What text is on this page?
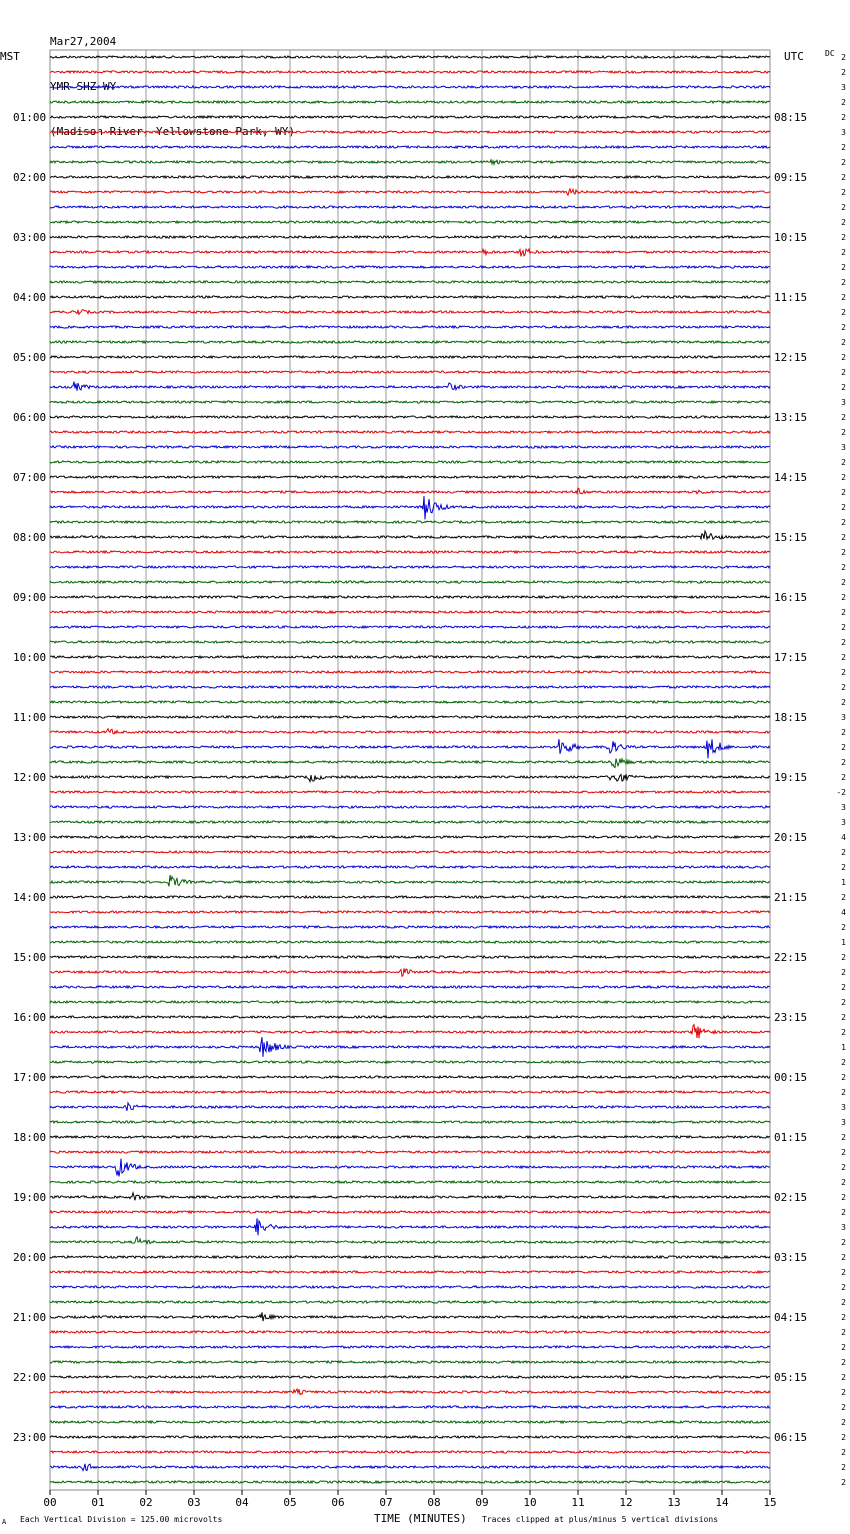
Mar27,2004

YMR SHZ WY

(Madison River, Yellowstone Park, WY)

MST	UTC	DC
01:00
02:00
03:00
04:00
05:00
06:00
07:00
08:00
09:00
10:00
11:00
12:00
13:00
14:00
15:00
16:00
17:00
18:00
19:00
20:00
21:00
22:00
23:00
08:15
09:15
10:15
11:15
12:15
13:15
14:15
15:15
16:15
17:15
18:15
19:15
20:15
21:15
22:15
23:15
00:15
01:15
02:15
03:15
04:15
05:15
06:15
2
2
3
2
2
3
2
2
2
2
2
2
2
2
2
2
2
2
2
2
2
2
2
3
2
2
3
2
2
2
2
2
2
2
2
2
2
2
2
2
2
2
2
2
3
2
2
2
2
-2
3
3
4
2
2
1
2
4
2
1
2
2
2
2
2
2
1
2
2
2
3
3
2
2
2
2
2
2
3
2
2
2
2
2
2
2
2
2
2
2
2
2
2
2
2
2
00	01	02	03	04	05	06	07	08	09	10	11	12	13	14	15
A Each Vertical Division = 125.00 microvolts	TIME (MINUTES) Traces clipped at plus/minus 5 vertical divisions
